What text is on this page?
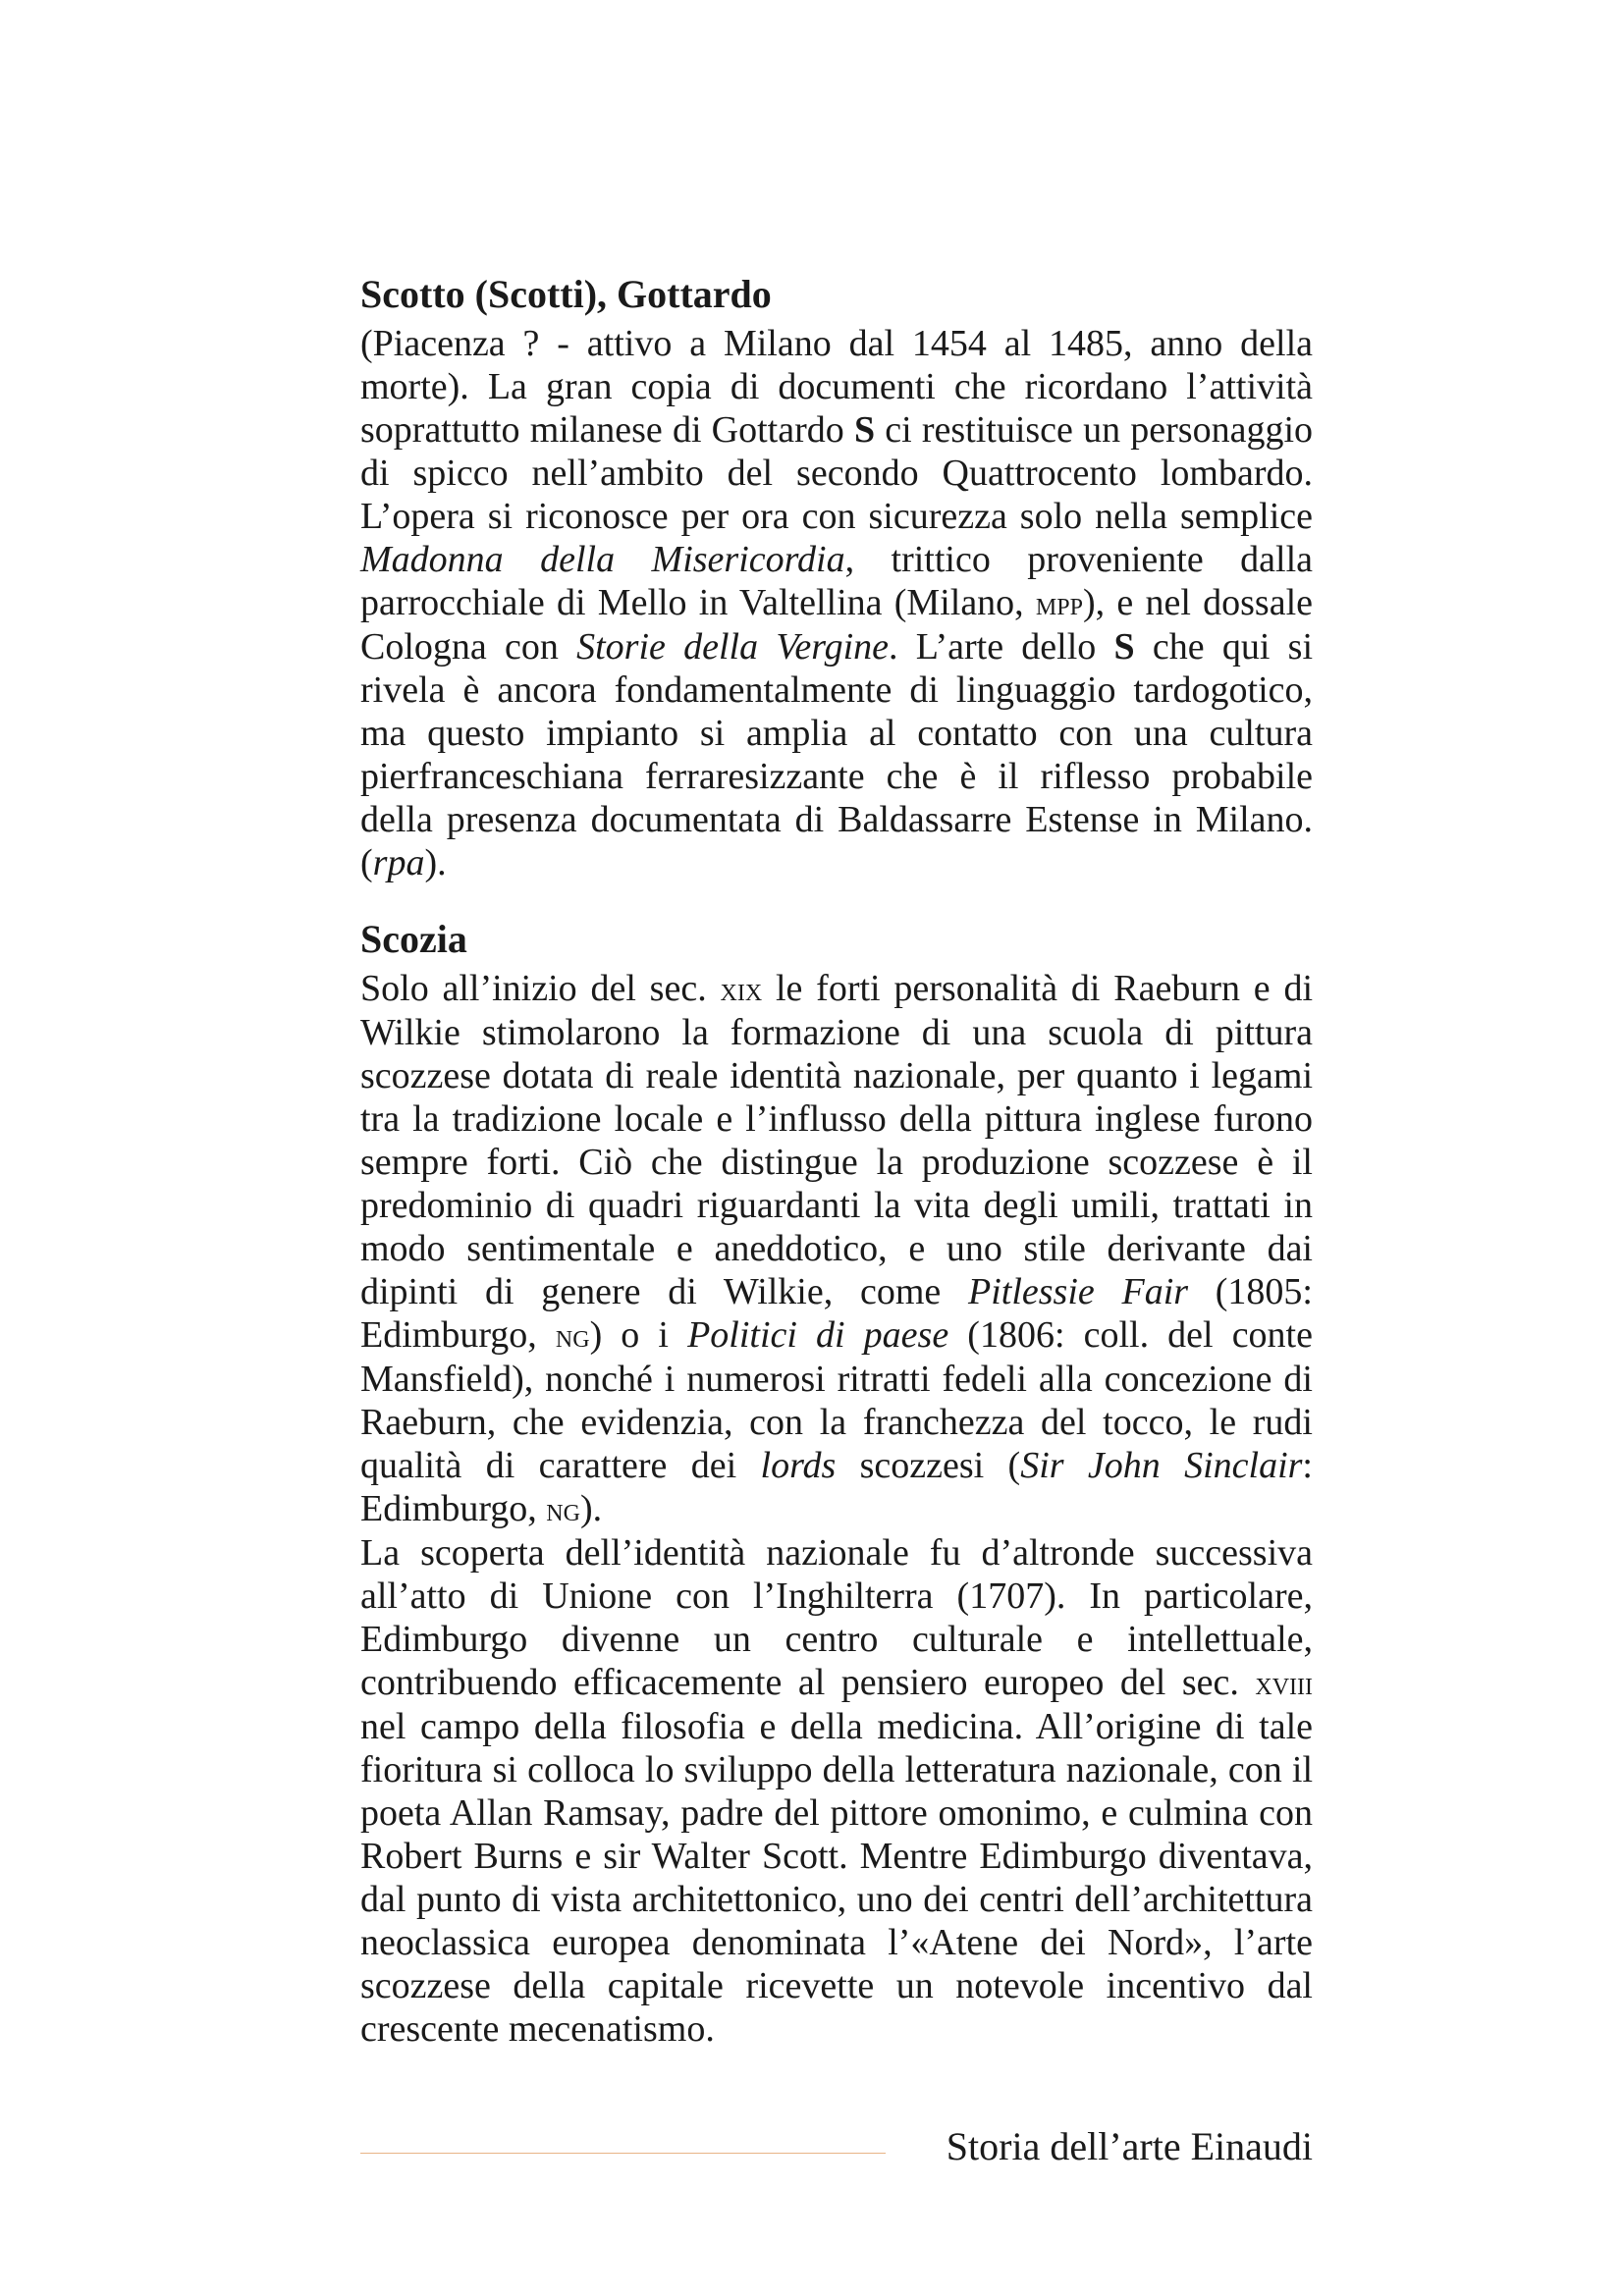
Scotto (Scotti), Gottardo

(Piacenza ? - attivo a Milano dal 1454 al 1485, anno della morte). La gran copia di documenti che ricordano l’attività soprattutto milanese di Gottardo S ci restituisce un personaggio di spicco nell’ambito del secondo Quattrocento lombardo. L’opera si riconosce per ora con sicurezza solo nella semplice Madonna della Misericordia, trittico proveniente dalla parrocchiale di Mello in Valtellina (Milano, mpp), e nel dossale Cologna con Storie della Vergine. L’arte dello S che qui si rivela è ancora fondamentalmente di linguaggio tardogotico, ma questo impianto si amplia al contatto con una cultura pierfranceschiana ferraresizzante che è il riflesso probabile della presenza documentata di Baldassarre Estense in Milano. (rpa).

Scozia

Solo all’inizio del sec. xix le forti personalità di Raeburn e di Wilkie stimolarono la formazione di una scuola di pittura scozzese dotata di reale identità nazionale, per quanto i legami tra la tradizione locale e l’influsso della pittura inglese furono sempre forti. Ciò che distingue la produzione scozzese è il predominio di quadri riguardanti la vita degli umili, trattati in modo sentimentale e aneddotico, e uno stile derivante dai dipinti di genere di Wilkie, come Pitlessie Fair (1805: Edimburgo, ng) o i Politici di paese (1806: coll. del conte Mansfield), nonché i numerosi ritratti fedeli alla concezione di Raeburn, che evidenzia, con la franchezza del tocco, le rudi qualità di carattere dei lords scozzesi (Sir John Sinclair: Edimburgo, ng).

La scoperta dell’identità nazionale fu d’altronde successiva all’atto di Unione con l’Inghilterra (1707). In particolare, Edimburgo divenne un centro culturale e intellettuale, contribuendo efficacemente al pensiero europeo del sec. xviii nel campo della filosofia e della medicina. All’origine di tale fioritura si colloca lo sviluppo della letteratura nazionale, con il poeta Allan Ramsay, padre del pittore omonimo, e culmina con Robert Burns e sir Walter Scott. Mentre Edimburgo diventava, dal punto di vista architettonico, uno dei centri dell’architettura neoclassica europea denominata l’«Atene dei Nord», l’arte scozzese della capitale ricevette un notevole incentivo dal crescente mecenatismo.

Storia dell’arte Einaudi
